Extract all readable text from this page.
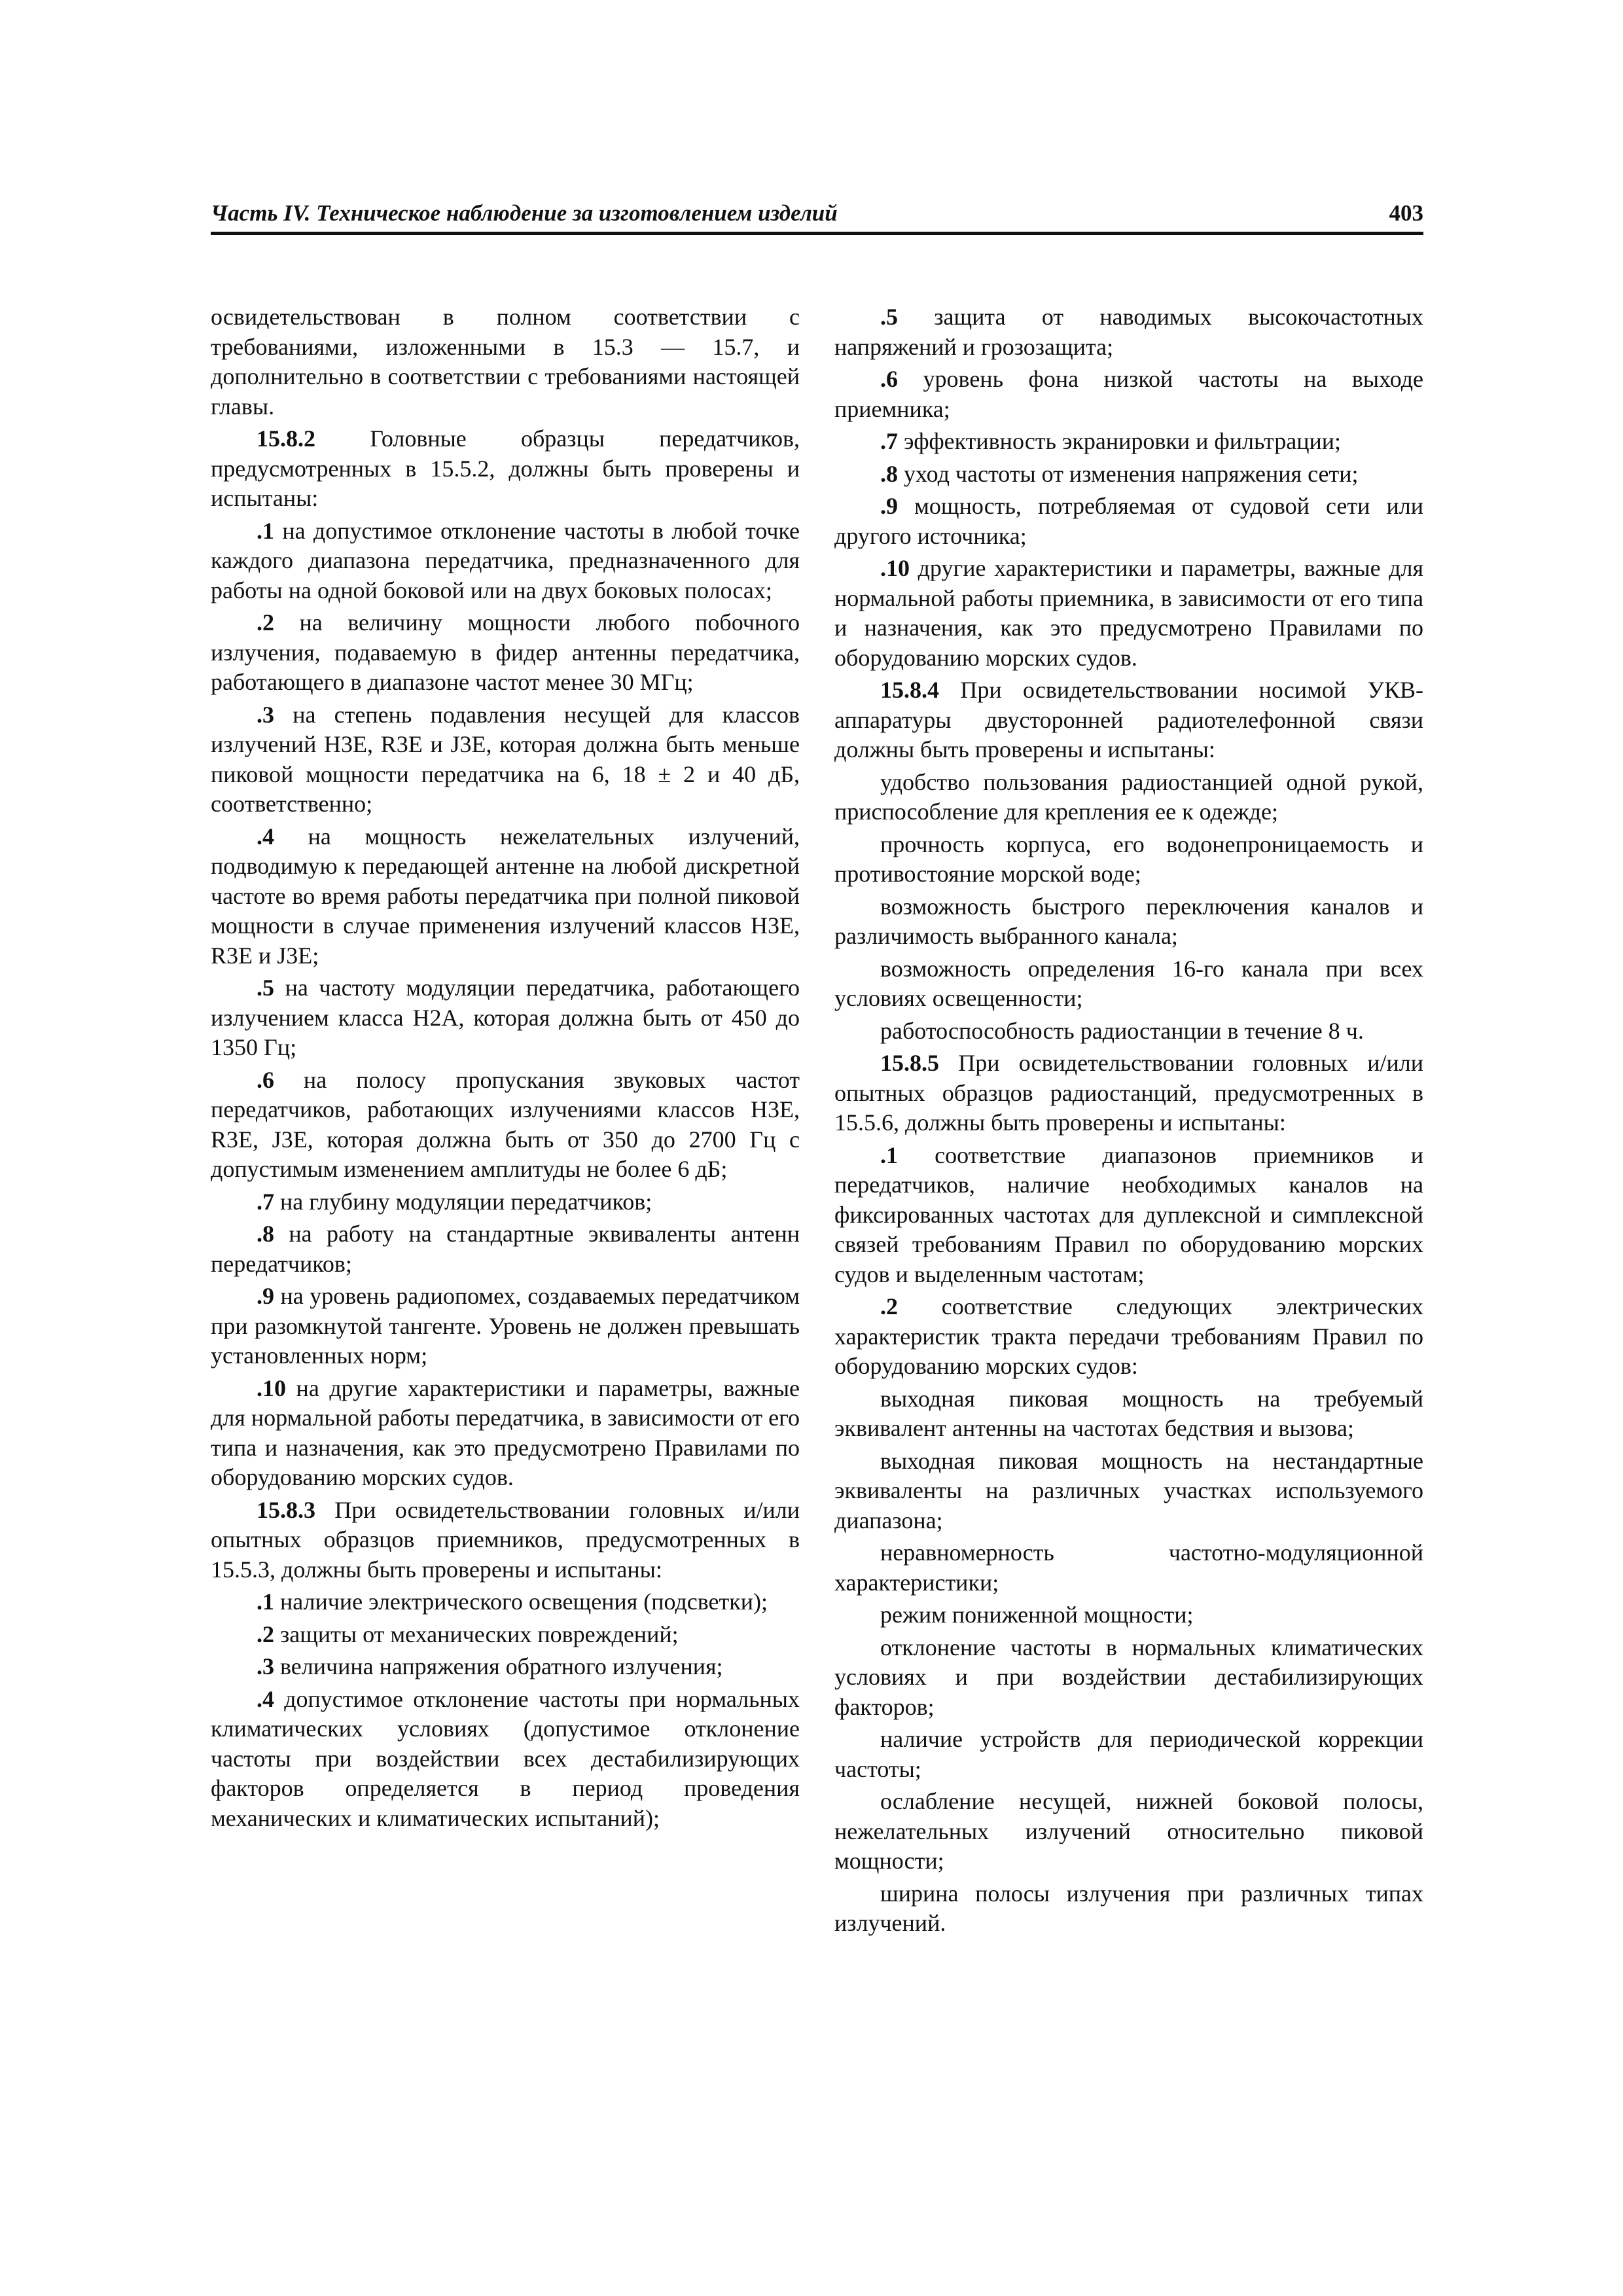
Часть IV. Техническое наблюдение за изготовлением изделий	403

освидетельствован в полном соответствии с требованиями, изложенными в 15.3 — 15.7, и дополнительно в соответствии с требованиями настоящей главы.

15.8.2 Головные образцы передатчиков, предусмотренных в 15.5.2, должны быть проверены и испытаны:

.1 на допустимое отклонение частоты в любой точке каждого диапазона передатчика, предназначенного для работы на одной боковой или на двух боковых полосах;

.2 на величину мощности любого побочного излучения, подаваемую в фидер антенны передатчика, работающего в диапазоне частот менее 30 МГц;

.3 на степень подавления несущей для классов излучений H3E, R3E и J3E, которая должна быть меньше пиковой мощности передатчика на 6, 18 ± 2 и 40 дБ, соответственно;

.4 на мощность нежелательных излучений, подводимую к передающей антенне на любой дискретной частоте во время работы передатчика при полной пиковой мощности в случае применения излучений классов H3E, R3E и J3E;

.5 на частоту модуляции передатчика, работающего излучением класса H2A, которая должна быть от 450 до 1350 Гц;

.6 на полосу пропускания звуковых частот передатчиков, работающих излучениями классов H3E, R3E, J3E, которая должна быть от 350 до 2700 Гц с допустимым изменением амплитуды не более 6 дБ;

.7 на глубину модуляции передатчиков;

.8 на работу на стандартные эквиваленты антенн передатчиков;

.9 на уровень радиопомех, создаваемых передатчиком при разомкнутой тангенте. Уровень не должен превышать установленных норм;

.10 на другие характеристики и параметры, важные для нормальной работы передатчика, в зависимости от его типа и назначения, как это предусмотрено Правилами по оборудованию морских судов.

15.8.3 При освидетельствовании головных и/или опытных образцов приемников, предусмотренных в 15.5.3, должны быть проверены и испытаны:

.1 наличие электрического освещения (подсветки);

.2 защиты от механических повреждений;

.3 величина напряжения обратного излучения;

.4 допустимое отклонение частоты при нормальных климатических условиях (допустимое отклонение частоты при воздействии всех дестабилизирующих факторов определяется в период проведения механических и климатических испытаний);

.5 защита от наводимых высокочастотных напряжений и грозозащита;

.6 уровень фона низкой частоты на выходе приемника;

.7 эффективность экранировки и фильтрации;

.8 уход частоты от изменения напряжения сети;

.9 мощность, потребляемая от судовой сети или другого источника;

.10 другие характеристики и параметры, важные для нормальной работы приемника, в зависимости от его типа и назначения, как это предусмотрено Правилами по оборудованию морских судов.

15.8.4 При освидетельствовании носимой УКВ-аппаратуры двусторонней радиотелефонной связи должны быть проверены и испытаны:

удобство пользования радиостанцией одной рукой, приспособление для крепления ее к одежде;

прочность корпуса, его водонепроницаемость и противостояние морской воде;

возможность быстрого переключения каналов и различимость выбранного канала;

возможность определения 16-го канала при всех условиях освещенности;

работоспособность радиостанции в течение 8 ч.

15.8.5 При освидетельствовании головных и/или опытных образцов радиостанций, предусмотренных в 15.5.6, должны быть проверены и испытаны:

.1 соответствие диапазонов приемников и передатчиков, наличие необходимых каналов на фиксированных частотах для дуплексной и симплексной связей требованиям Правил по оборудованию морских судов и выделенным частотам;

.2 соответствие следующих электрических характеристик тракта передачи требованиям Правил по оборудованию морских судов:

выходная пиковая мощность на требуемый эквивалент антенны на частотах бедствия и вызова;

выходная пиковая мощность на нестандартные эквиваленты на различных участках используемого диапазона;

неравномерность частотно-модуляционной характеристики;

режим пониженной мощности;

отклонение частоты в нормальных климатических условиях и при воздействии дестабилизирующих факторов;

наличие устройств для периодической коррекции частоты;

ослабление несущей, нижней боковой полосы, нежелательных излучений относительно пиковой мощности;

ширина полосы излучения при различных типах излучений.
